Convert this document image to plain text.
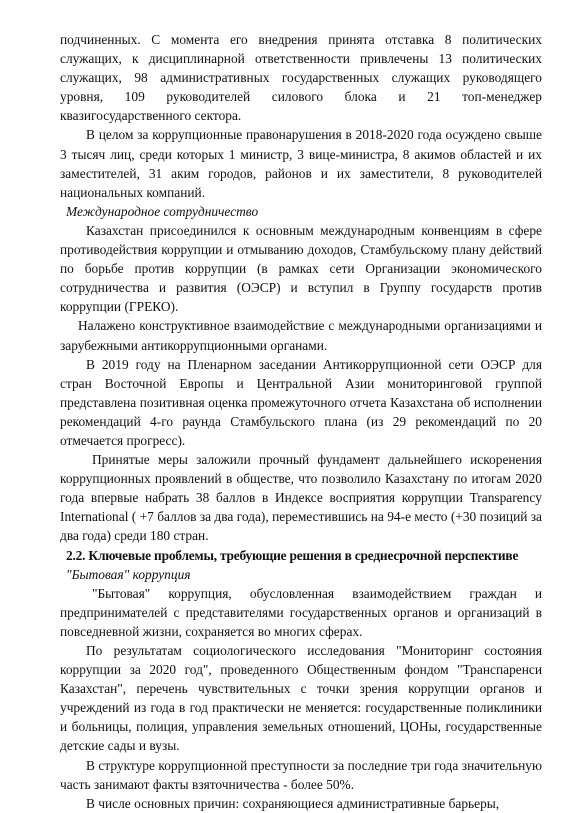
подчиненных. С момента его внедрения принята отставка 8 политических служащих, к дисциплинарной ответственности привлечены 13 политических служащих, 98 административных государственных служащих руководящего уровня, 109 руководителей силового блока и 21 топ-менеджер квазигосударственного сектора.

В целом за коррупционные правонарушения в 2018-2020 года осуждено свыше 3 тысяч лиц, среди которых 1 министр, 3 вице-министра, 8 акимов областей и их заместителей, 31 аким городов, районов и их заместители, 8 руководителей национальных компаний.

Международное сотрудничество

Казахстан присоединился к основным международным конвенциям в сфере противодействия коррупции и отмыванию доходов, Стамбульскому плану действий по борьбе против коррупции (в рамках сети Организации экономического сотрудничества и развития (ОЭСР) и вступил в Группу государств против коррупции (ГРЕКО).

Налажено конструктивное взаимодействие с международными организациями и зарубежными антикоррупционными органами.

В 2019 году на Пленарном заседании Антикоррупционной сети ОЭСР для стран Восточной Европы и Центральной Азии мониторинговой группой представлена позитивная оценка промежуточного отчета Казахстана об исполнении рекомендаций 4-го раунда Стамбульского плана (из 29 рекомендаций по 20 отмечается прогресс).

Принятые меры заложили прочный фундамент дальнейшего искоренения коррупционных проявлений в обществе, что позволило Казахстану по итогам 2020 года впервые набрать 38 баллов в Индексе восприятия коррупции Transparency International ( +7 баллов за два года), переместившись на 94-е место (+30 позиций за два года) среди 180 стран.

2.2. Ключевые проблемы, требующие решения в среднесрочной перспективе

"Бытовая" коррупция

"Бытовая" коррупция, обусловленная взаимодействием граждан и предпринимателей с представителями государственных органов и организаций в повседневной жизни, сохраняется во многих сферах.

По результатам социологического исследования "Мониторинг состояния коррупции за 2020 год", проведенного Общественным фондом "Транспаренси Казахстан", перечень чувствительных с точки зрения коррупции органов и учреждений из года в год практически не меняется: государственные поликлиники и больницы, полиция, управления земельных отношений, ЦОНы, государственные детские сады и вузы.

В структуре коррупционной преступности за последние три года значительную часть занимают факты взяточничества - более 50%.

В числе основных причин: сохраняющиеся административные барьеры,
